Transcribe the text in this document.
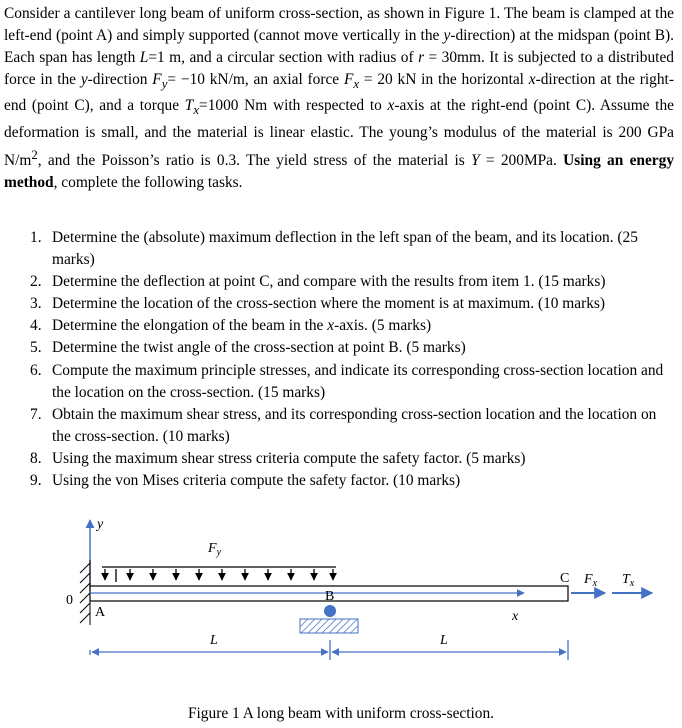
Consider a cantilever long beam of uniform cross-section, as shown in Figure 1. The beam is clamped at the left-end (point A) and simply supported (cannot move vertically in the y-direction) at the midspan (point B). Each span has length L=1 m, and a circular section with radius of r = 30mm. It is subjected to a distributed force in the y-direction $F_y= -10$ kN/m, an axial force $F_x = 20$ kN in the horizontal x-direction at the right-end (point C), and a torque $T_x=1000$ Nm with respected to x-axis at the right-end (point C). Assume the deformation is small, and the material is linear elastic. The young’s modulus of the material is 200 GPa $N/m^2$, and the Poisson’s ratio is 0.3. The yield stress of the material is Y = 200MPa. Using an energy method, complete the following tasks.
1. Determine the (absolute) maximum deflection in the left span of the beam, and its location. (25 marks)
2. Determine the deflection at point C, and compare with the results from item 1. (15 marks)
3. Determine the location of the cross-section where the moment is at maximum. (10 marks)
4. Determine the elongation of the beam in the x-axis. (5 marks)
5. Determine the twist angle of the cross-section at point B. (5 marks)
6. Compute the maximum principle stresses, and indicate its corresponding cross-section location and the location on the cross-section. (15 marks)
7. Obtain the maximum shear stress, and its corresponding cross-section location and the location on the cross-section. (10 marks)
8. Using the maximum shear stress criteria compute the safety factor. (5 marks)
9. Using the von Mises criteria compute the safety factor. (10 marks)
y
0
x
$F_y$
A
B
C $F_x$ $T_x$
L	L
Figure 1 A long beam with uniform cross-section.
